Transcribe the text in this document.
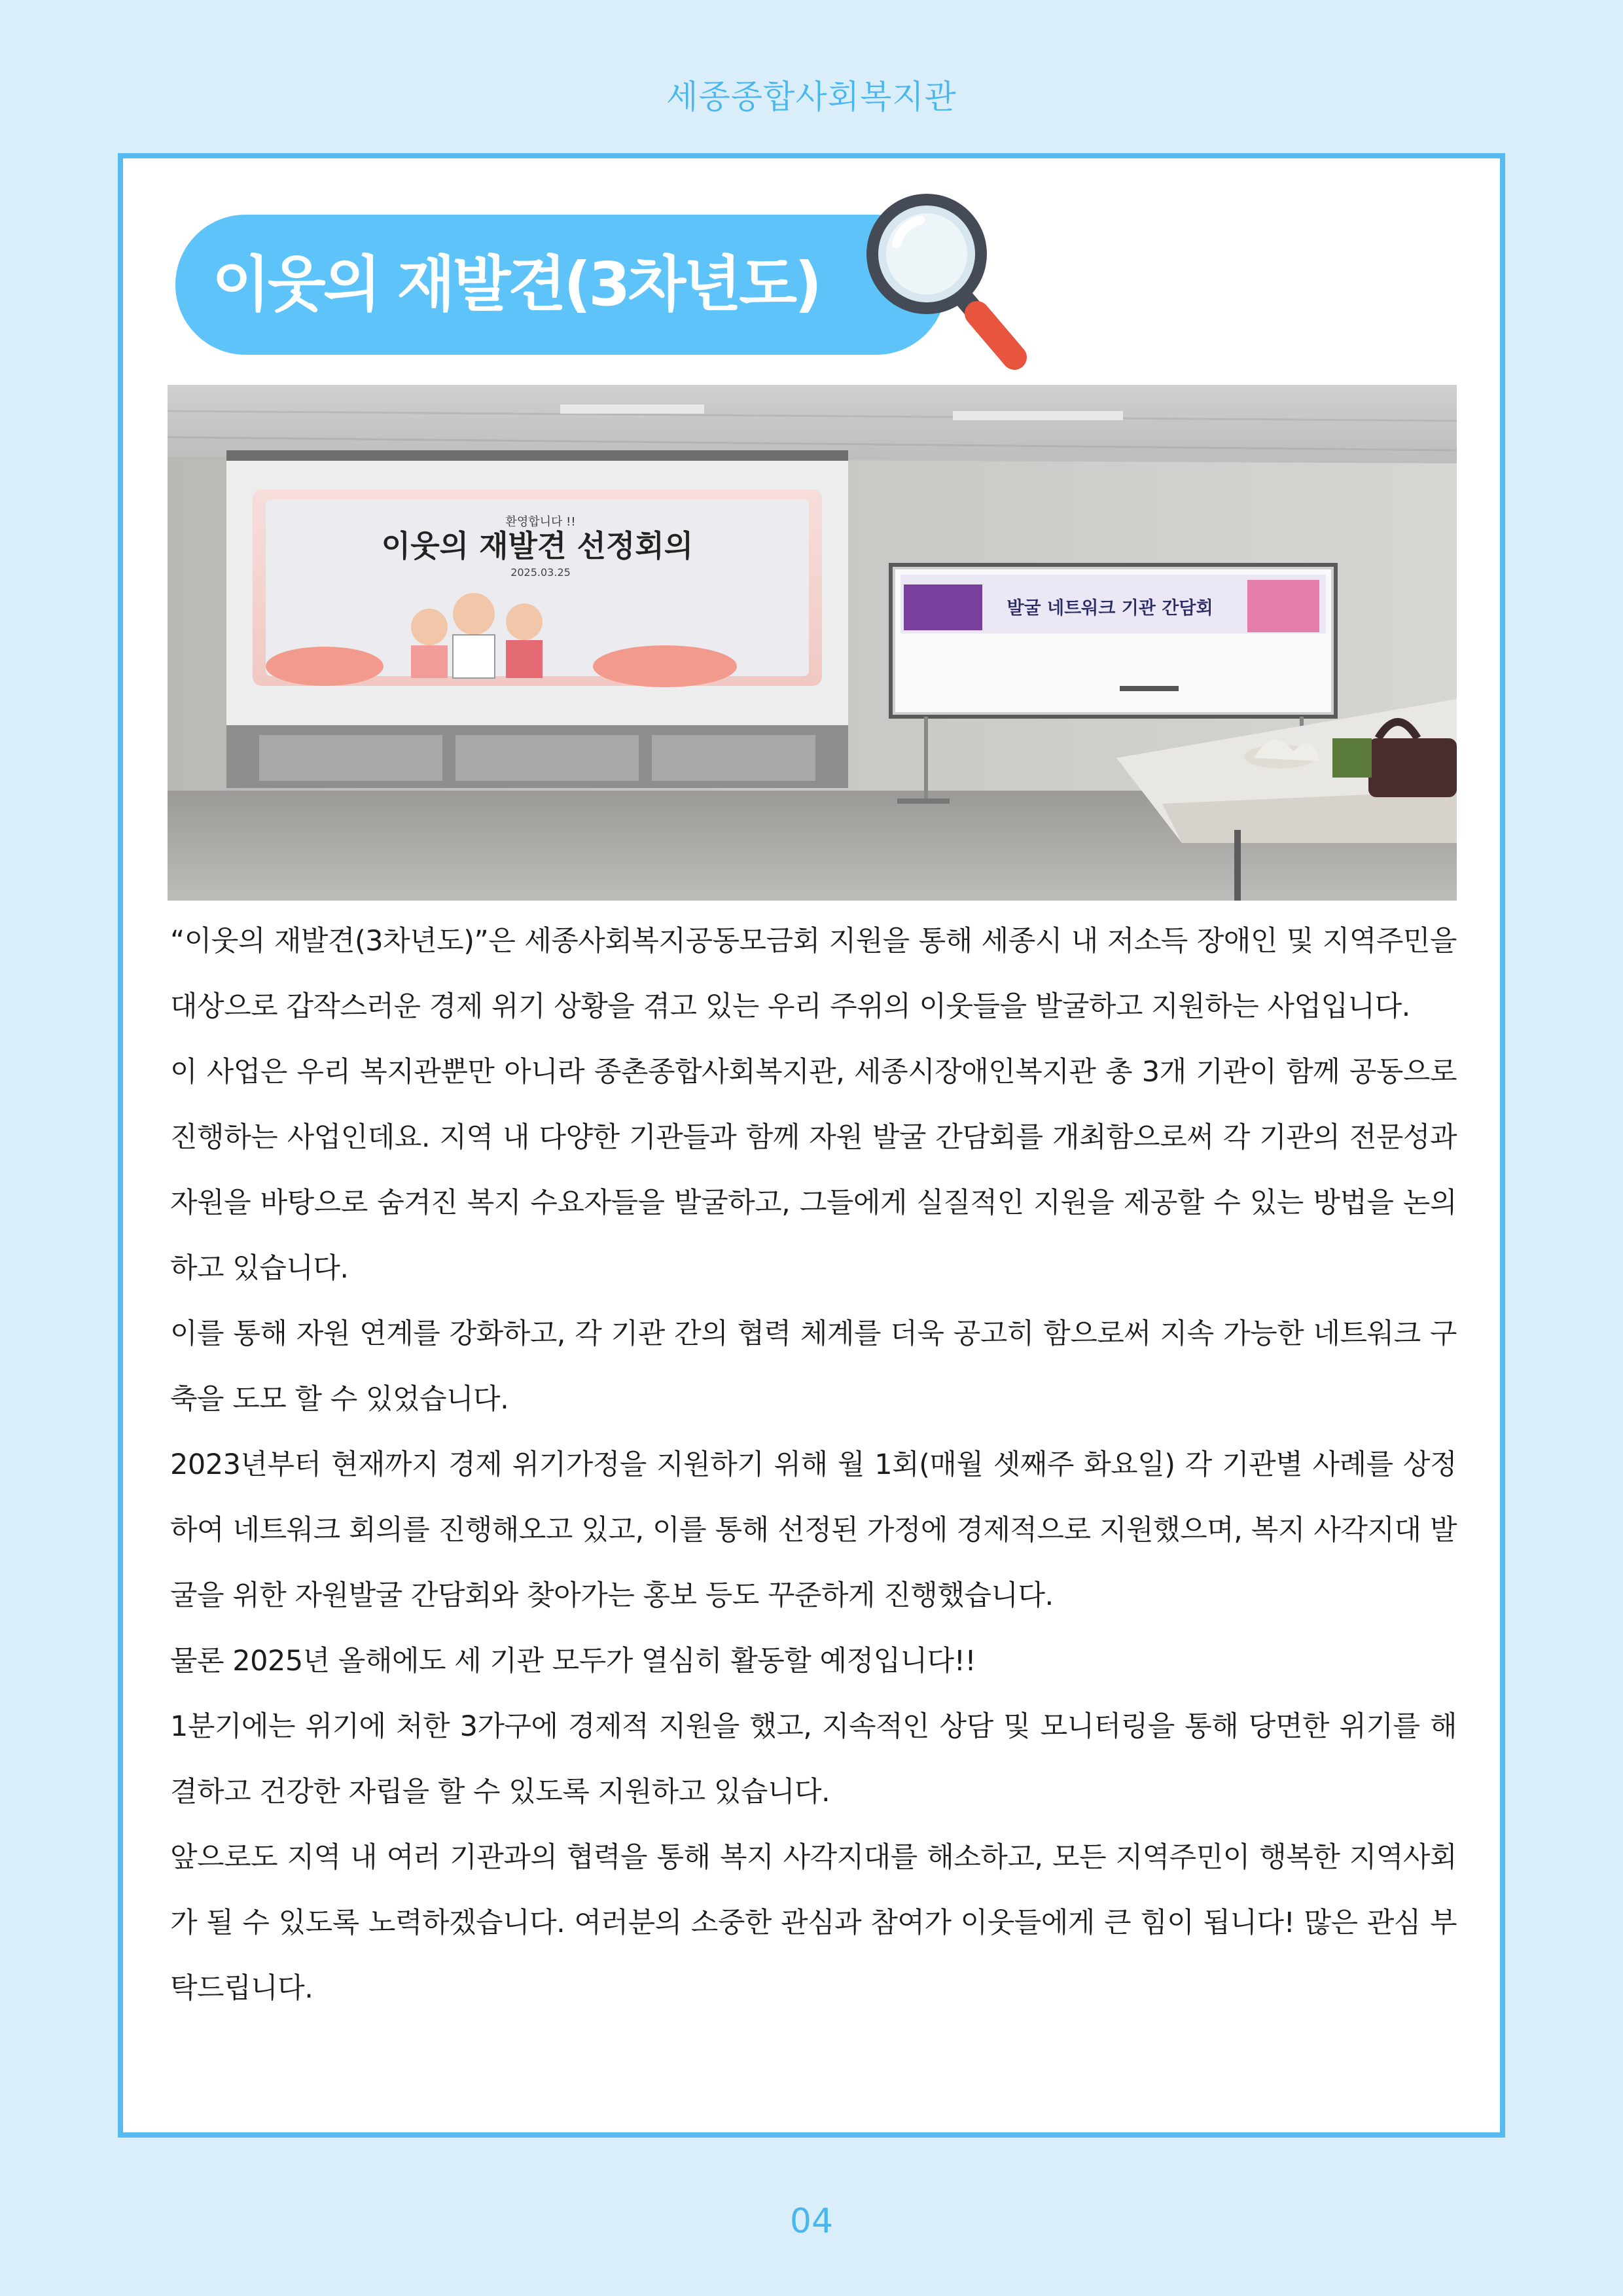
세종종합사회복지관
이웃의 재발견(3차년도)
환영합니다 !!
이웃의 재발견 선정회의
2025.03.25
발굴 네트워크 기관 간담회

“이웃의 재발견(3차년도)”은 세종사회복지공동모금회 지원을 통해 세종시 내 저소득 장애인 및 지역주민을 대상으로 갑작스러운 경제 위기 상황을 겪고 있는 우리 주위의 이웃들을 발굴하고 지원하는 사업입니다.

이 사업은 우리 복지관뿐만 아니라 종촌종합사회복지관, 세종시장애인복지관 총 3개 기관이 함께 공동으로 진행하는 사업인데요. 지역 내 다양한 기관들과 함께 자원 발굴 간담회를 개최함으로써 각 기관의 전문성과 자원을 바탕으로 숨겨진 복지 수요자들을 발굴하고, 그들에게 실질적인 지원을 제공할 수 있는 방법을 논의하고 있습니다.

이를 통해 자원 연계를 강화하고, 각 기관 간의 협력 체계를 더욱 공고히 함으로써 지속 가능한 네트워크 구축을 도모 할 수 있었습니다.

2023년부터 현재까지 경제 위기가정을 지원하기 위해 월 1회(매월 셋째주 화요일) 각 기관별 사례를 상정하여 네트워크 회의를 진행해오고 있고, 이를 통해 선정된 가정에 경제적으로 지원했으며, 복지 사각지대 발굴을 위한 자원발굴 간담회와 찾아가는 홍보 등도 꾸준하게 진행했습니다.

물론 2025년 올해에도 세 기관 모두가 열심히 활동할 예정입니다!!

1분기에는 위기에 처한 3가구에 경제적 지원을 했고, 지속적인 상담 및 모니터링을 통해 당면한 위기를 해결하고 건강한 자립을 할 수 있도록 지원하고 있습니다.

앞으로도 지역 내 여러 기관과의 협력을 통해 복지 사각지대를 해소하고, 모든 지역주민이 행복한 지역사회가 될 수 있도록 노력하겠습니다. 여러분의 소중한 관심과 참여가 이웃들에게 큰 힘이 됩니다! 많은 관심 부탁드립니다.

04
